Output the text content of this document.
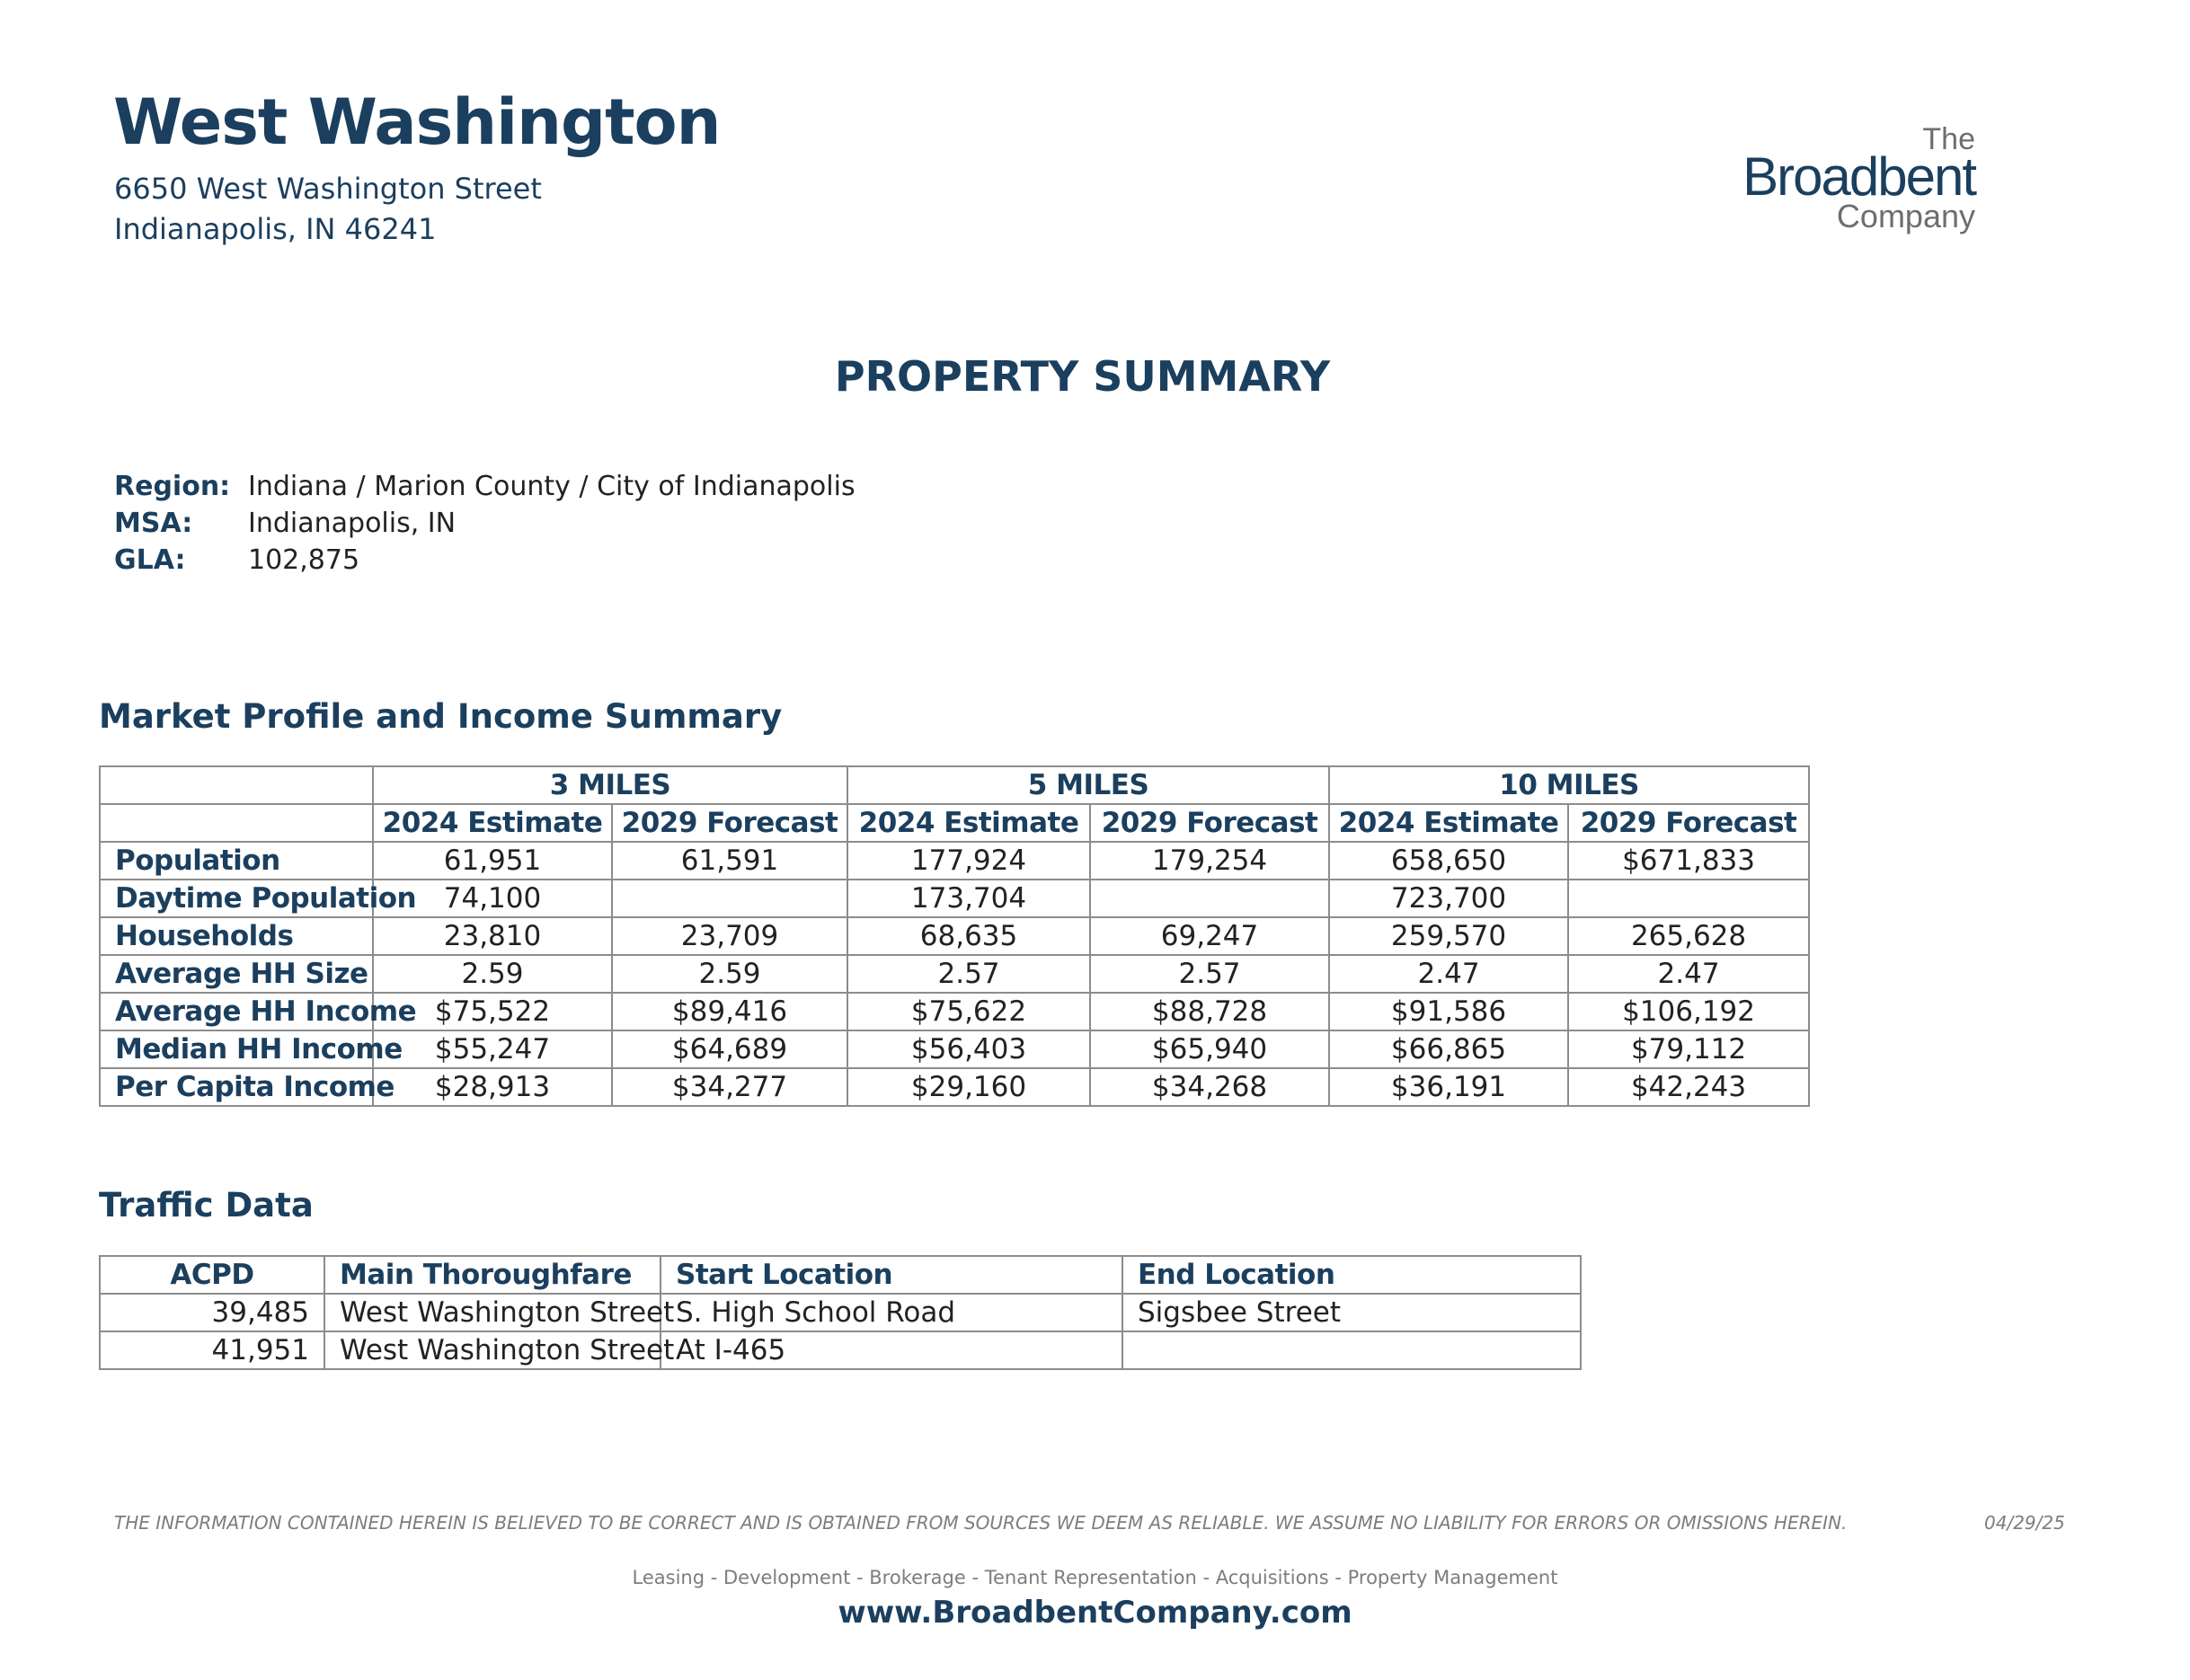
West Washington
6650 West Washington Street
Indianapolis, IN 46241
The
Broadbent
Company
PROPERTY SUMMARY
Region: Indiana / Marion County / City of Indianapolis
MSA: Indianapolis, IN
GLA: 102,875
Market Profile and Income Summary
	3 MILES		5 MILES		10 MILES	
	2024 Estimate	2029 Forecast	2024 Estimate	2029 Forecast	2024 Estimate	2029 Forecast
Population	61,951	61,591	177,924	179,254	658,650	$671,833
Daytime Population	74,100		173,704		723,700	
Households	23,810	23,709	68,635	69,247	259,570	265,628
Average HH Size	2.59	2.59	2.57	2.57	2.47	2.47
Average HH Income	$75,522	$89,416	$75,622	$88,728	$91,586	$106,192
Median HH Income	$55,247	$64,689	$56,403	$65,940	$66,865	$79,112
Per Capita Income	$28,913	$34,277	$29,160	$34,268	$36,191	$42,243
Traffic Data
ACPD	Main Thoroughfare	Start Location	End Location
39,485	West Washington Street	S. High School Road	Sigsbee Street
41,951	West Washington Street	At I-465	
THE INFORMATION CONTAINED HEREIN IS BELIEVED TO BE CORRECT AND IS OBTAINED FROM SOURCES WE DEEM AS RELIABLE. WE ASSUME NO LIABILITY FOR ERRORS OR OMISSIONS HEREIN.	04/29/25
Leasing - Development - Brokerage - Tenant Representation - Acquisitions - Property Management
www.BroadbentCompany.com
